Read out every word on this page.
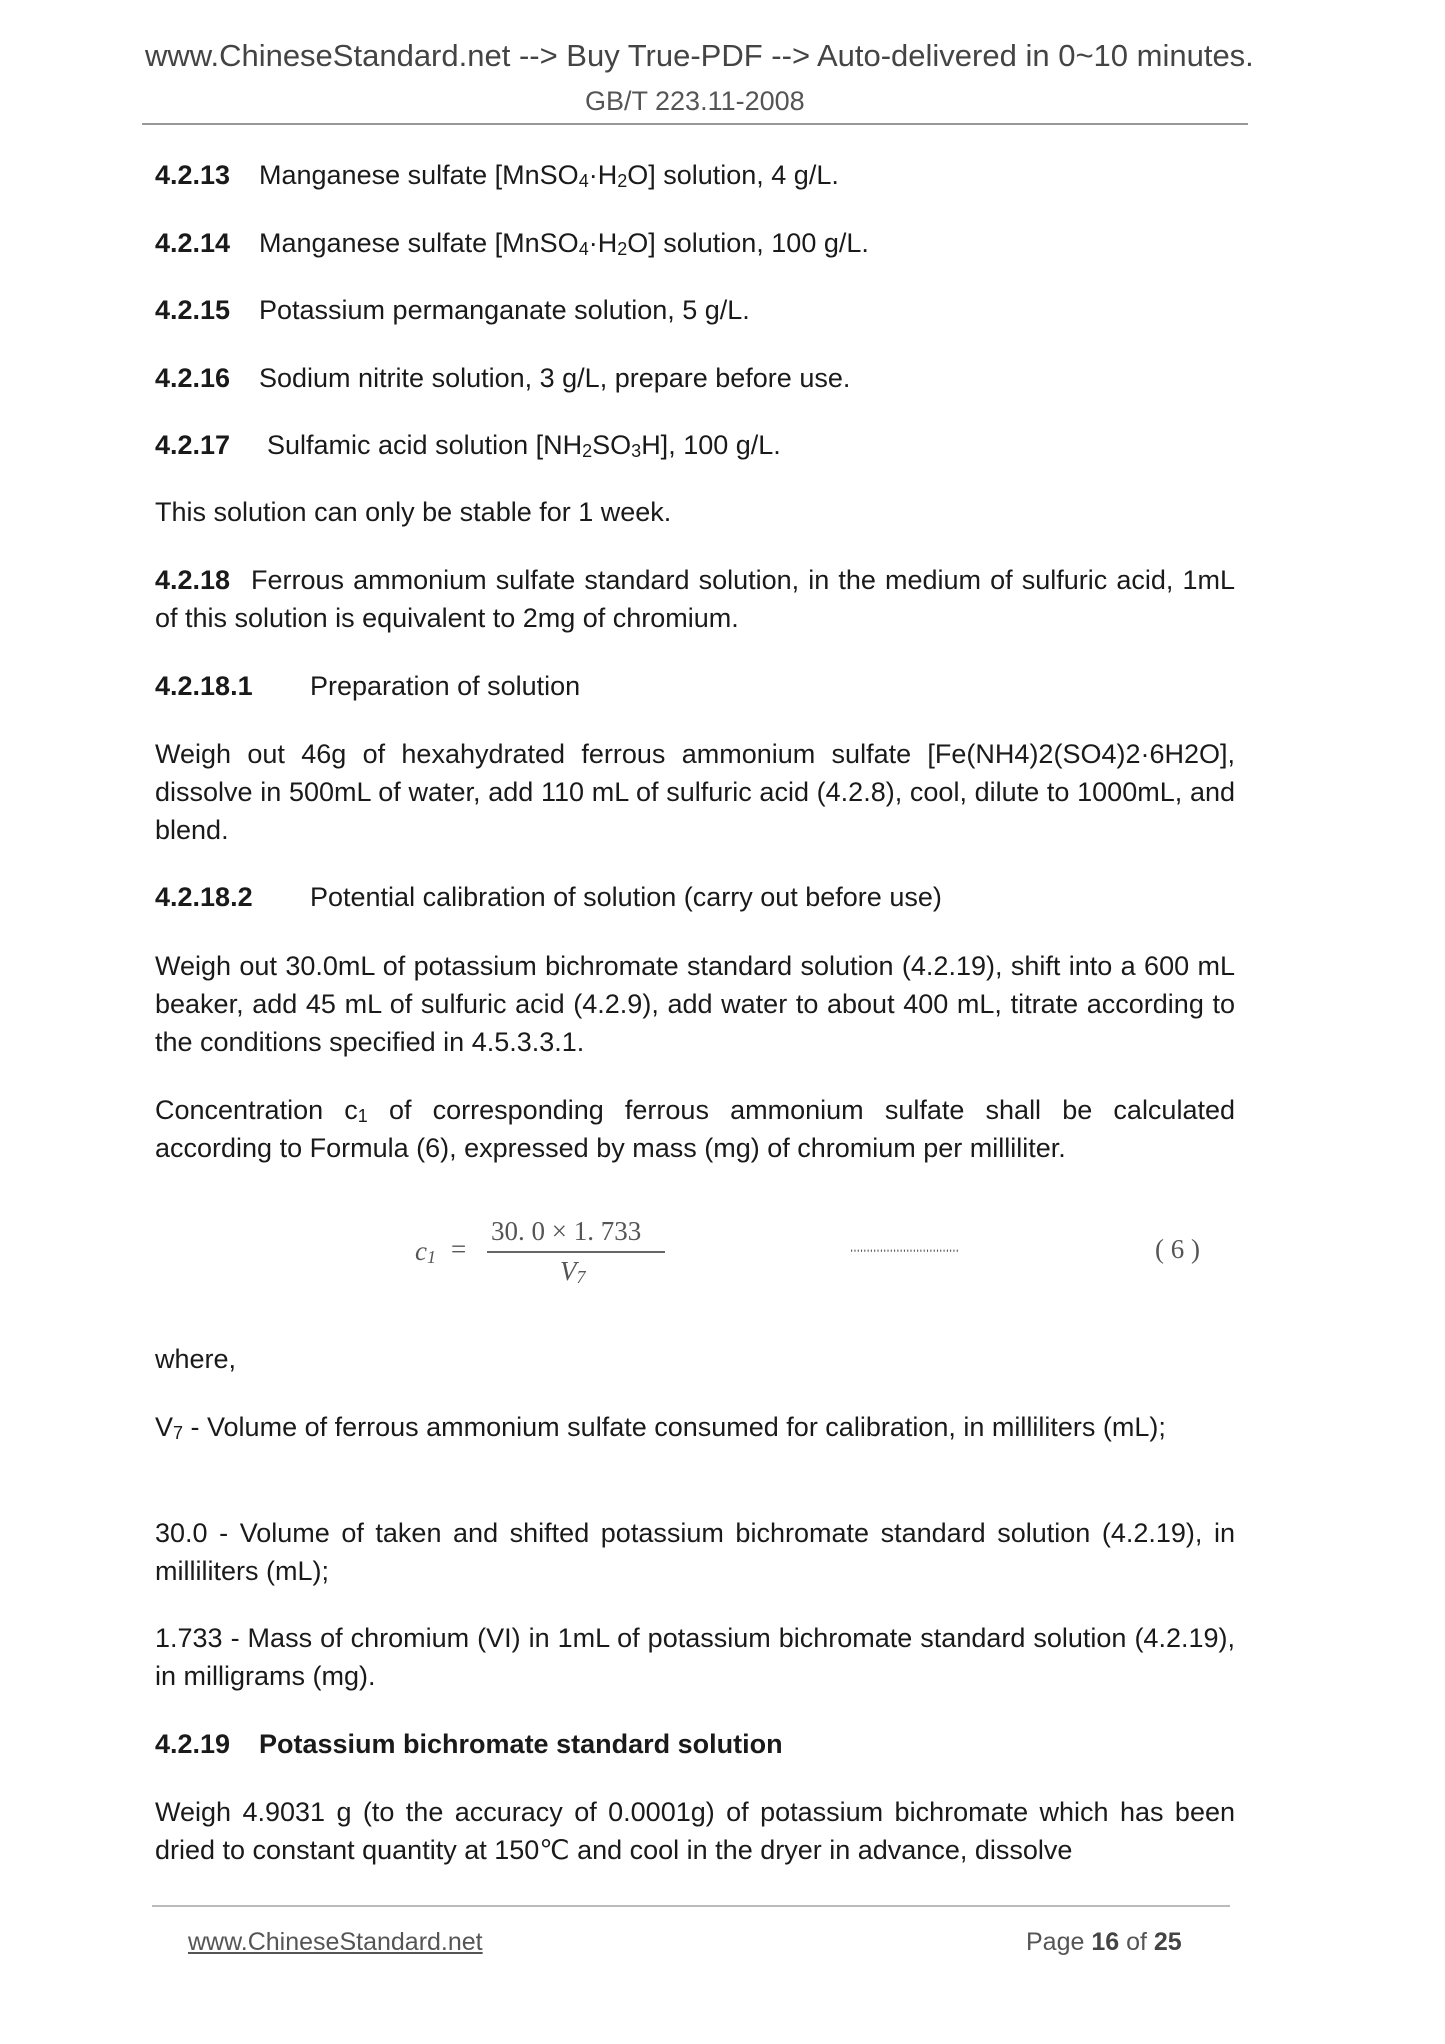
www.ChineseStandard.net --> Buy True-PDF --> Auto-delivered in 0~10 minutes.
GB/T 223.11-2008
4.2.13 Manganese sulfate $[MnSO_4\cdot H_2O]$ solution, 4 g/L.
4.2.14 Manganese sulfate $[MnSO_4\cdot H_2O]$ solution, 100 g/L.
4.2.15 Potassium permanganate solution, 5 g/L.
4.2.16 Sodium nitrite solution, 3 g/L, prepare before use.
4.2.17 Sulfamic acid solution $[NH_2SO_3H]$, 100 g/L.
This solution can only be stable for 1 week.
4.2.18 Ferrous ammonium sulfate standard solution, in the medium of sulfuric acid, 1mL of this solution is equivalent to 2mg of chromium.
4.2.18.1 Preparation of solution
Weigh out 46g of hexahydrated ferrous ammonium sulfate [Fe(NH4)2(SO4)2·6H2O], dissolve in 500mL of water, add 110 mL of sulfuric acid (4.2.8), cool, dilute to 1000mL, and blend.
4.2.18.2 Potential calibration of solution (carry out before use)
Weigh out 30.0mL of potassium bichromate standard solution (4.2.19), shift into a 600 mL beaker, add 45 mL of sulfuric acid (4.2.9), add water to about 400 mL, titrate according to the conditions specified in 4.5.3.3.1.
Concentration $c_1$ of corresponding ferrous ammonium sulfate shall be calculated according to Formula (6), expressed by mass (mg) of chromium per milliliter.
$c_1$ =
30. 0 × 1. 733
$V_7$
……………………………	( 6 )
where,
$V_7$ - Volume of ferrous ammonium sulfate consumed for calibration, in milliliters (mL);
30.0 - Volume of taken and shifted potassium bichromate standard solution (4.2.19), in milliliters (mL);
1.733 - Mass of chromium (VI) in 1mL of potassium bichromate standard solution (4.2.19), in milligrams (mg).
4.2.19 Potassium bichromate standard solution
Weigh 4.9031 g (to the accuracy of 0.0001g) of potassium bichromate which has been dried to constant quantity at 150℃ and cool in the dryer in advance, dissolve
www.ChineseStandard.net	Page 16 of 25
